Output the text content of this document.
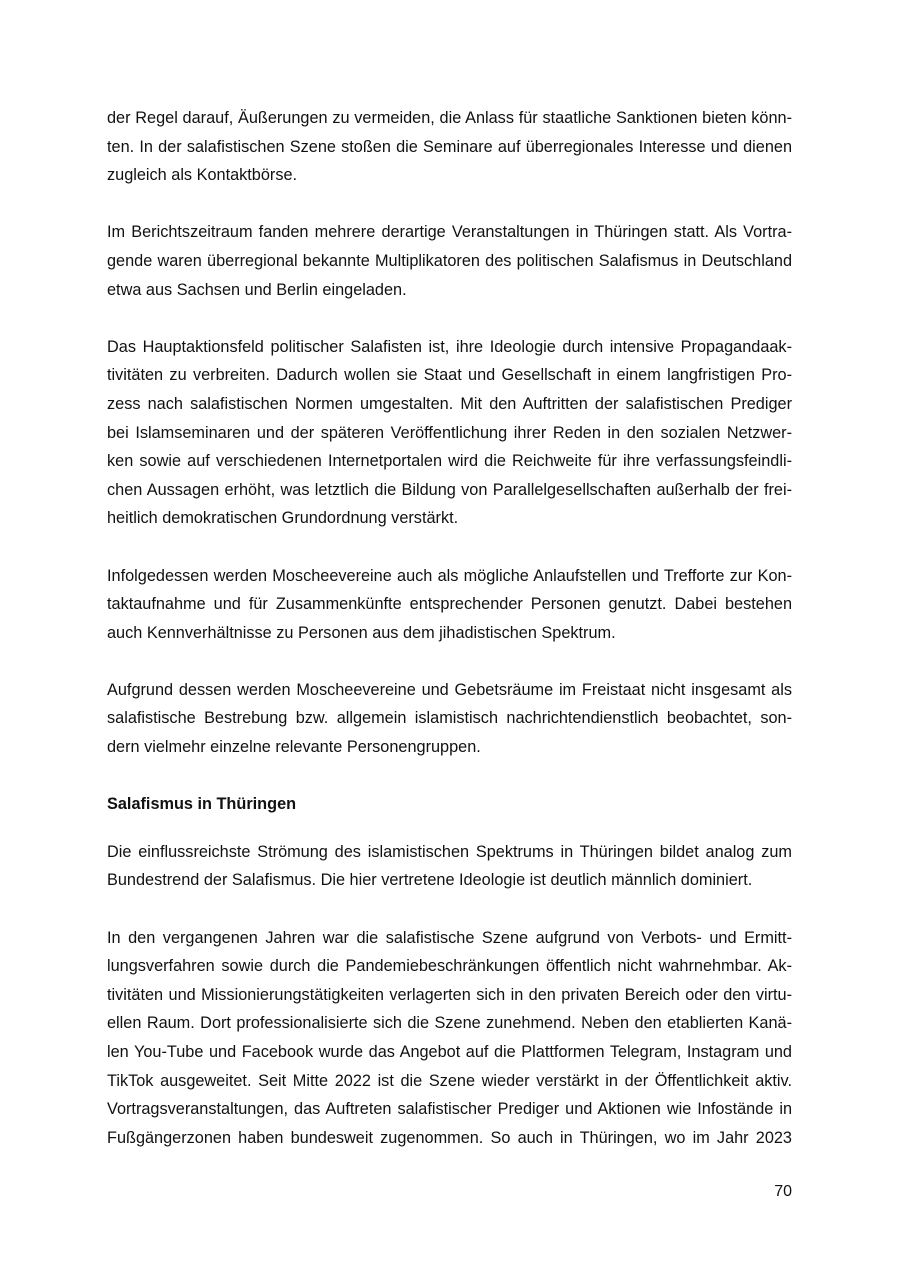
der Regel darauf, Äußerungen zu vermeiden, die Anlass für staatliche Sanktionen bieten könn-
ten. In der salafistischen Szene stoßen die Seminare auf überregionales Interesse und dienen
zugleich als Kontaktbörse.

Im Berichtszeitraum fanden mehrere derartige Veranstaltungen in Thüringen statt. Als Vortra-
gende waren überregional bekannte Multiplikatoren des politischen Salafismus in Deutschland
etwa aus Sachsen und Berlin eingeladen.

Das Hauptaktionsfeld politischer Salafisten ist, ihre Ideologie durch intensive Propagandaak-
tivitäten zu verbreiten. Dadurch wollen sie Staat und Gesellschaft in einem langfristigen Pro-
zess nach salafistischen Normen umgestalten. Mit den Auftritten der salafistischen Prediger
bei Islamseminaren und der späteren Veröffentlichung ihrer Reden in den sozialen Netzwer-
ken sowie auf verschiedenen Internetportalen wird die Reichweite für ihre verfassungsfeindli-
chen Aussagen erhöht, was letztlich die Bildung von Parallelgesellschaften außerhalb der frei-
heitlich demokratischen Grundordnung verstärkt.

Infolgedessen werden Moscheevereine auch als mögliche Anlaufstellen und Trefforte zur Kon-
taktaufnahme und für Zusammenkünfte entsprechender Personen genutzt. Dabei bestehen
auch Kennverhältnisse zu Personen aus dem jihadistischen Spektrum.

Aufgrund dessen werden Moscheevereine und Gebetsräume im Freistaat nicht insgesamt als
salafistische Bestrebung bzw. allgemein islamistisch nachrichtendienstlich beobachtet, son-
dern vielmehr einzelne relevante Personengruppen.

Salafismus in Thüringen

Die einflussreichste Strömung des islamistischen Spektrums in Thüringen bildet analog zum
Bundestrend der Salafismus. Die hier vertretene Ideologie ist deutlich männlich dominiert.

In den vergangenen Jahren war die salafistische Szene aufgrund von Verbots- und Ermitt-
lungsverfahren sowie durch die Pandemiebeschränkungen öffentlich nicht wahrnehmbar. Ak-
tivitäten und Missionierungstätigkeiten verlagerten sich in den privaten Bereich oder den virtu-
ellen Raum. Dort professionalisierte sich die Szene zunehmend. Neben den etablierten Kanä-
len You-Tube und Facebook wurde das Angebot auf die Plattformen Telegram, Instagram und
TikTok ausgeweitet. Seit Mitte 2022 ist die Szene wieder verstärkt in der Öffentlichkeit aktiv.
Vortragsveranstaltungen, das Auftreten salafistischer Prediger und Aktionen wie Infostände in
Fußgängerzonen haben bundesweit zugenommen. So auch in Thüringen, wo im Jahr 2023

70
